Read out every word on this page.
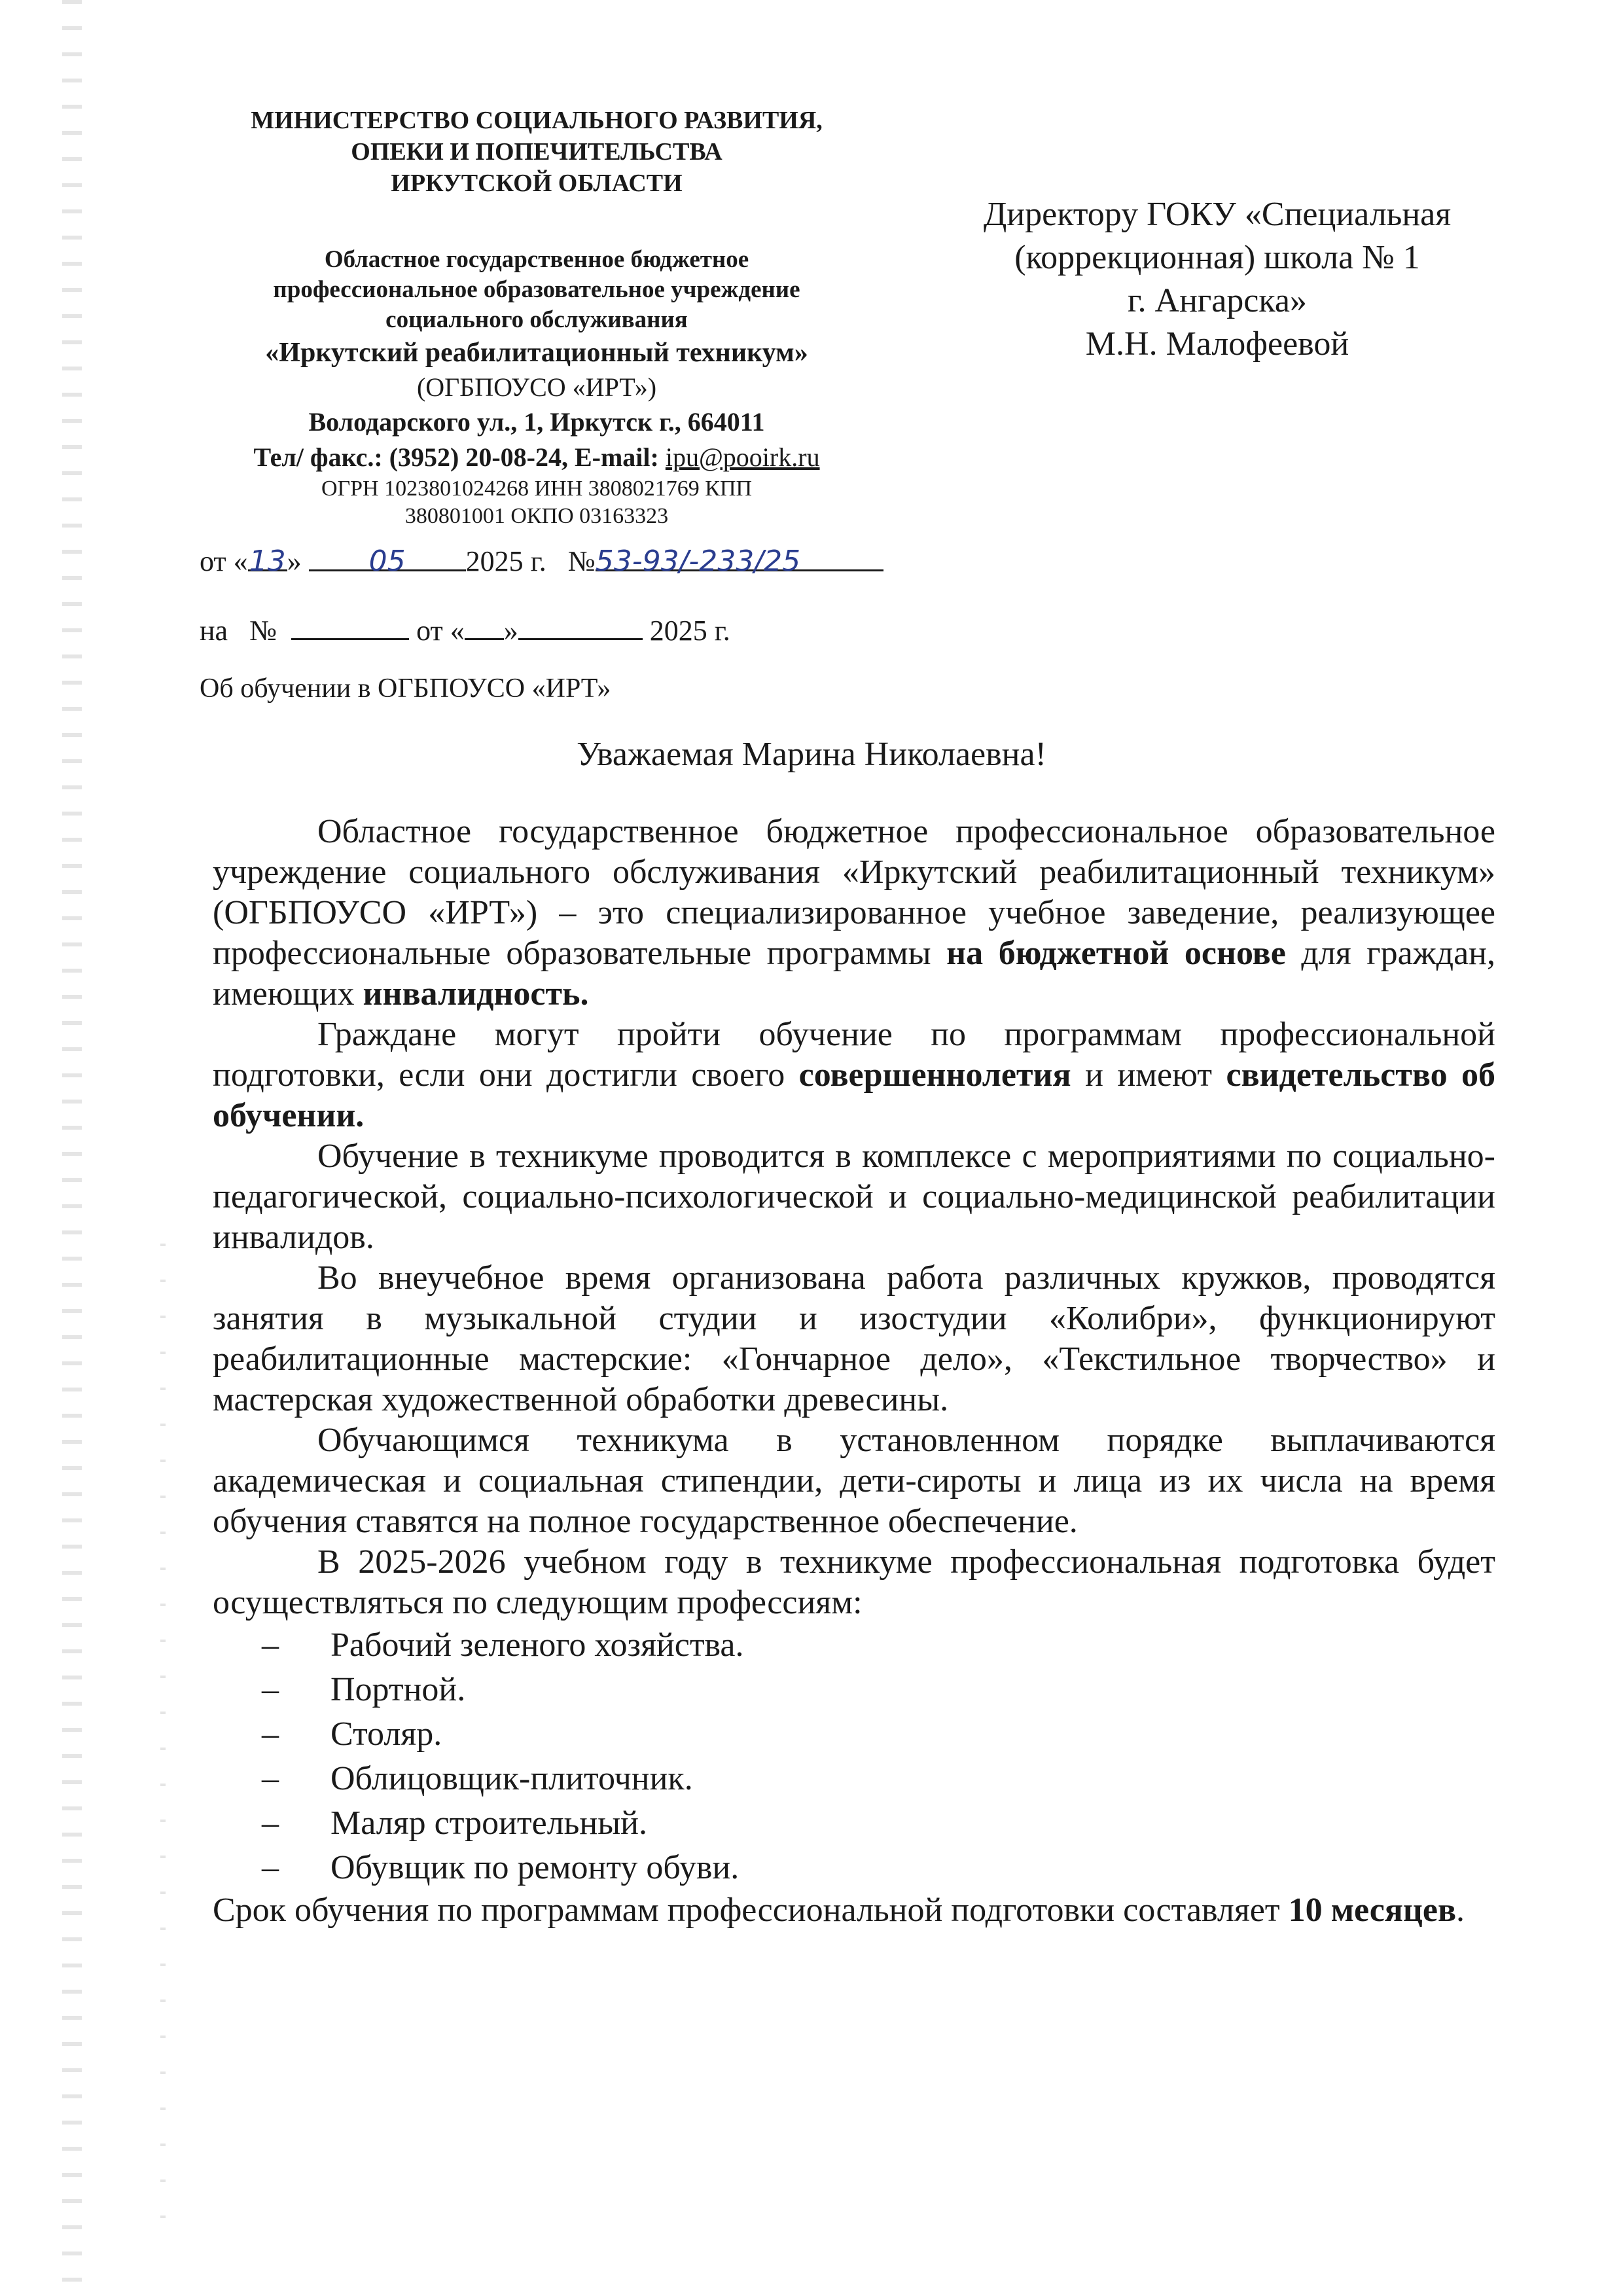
МИНИСТЕРСТВО СОЦИАЛЬНОГО РАЗВИТИЯ,
ОПЕКИ И ПОПЕЧИТЕЛЬСТВА
ИРКУТСКОЙ ОБЛАСТИ
Областное государственное бюджетное
профессиональное образовательное учреждение
социального обслуживания
«Иркутский реабилитационный техникум»
(ОГБПОУСО «ИРТ»)
Володарского ул., 1, Иркутск г., 664011
Тел/ факс.: (3952) 20-08-24, E-mail: ipu@pooirk.ru
ОГРН 1023801024268 ИНН 3808021769 КПП
380801001 ОКПО 03163323
Директору ГОКУ «Специальная
(коррекционная) школа № 1
г. Ангарска»
М.Н. Малофеевой
от «13» 05 2025 г. №53-93/-233/25
на №	от « »	2025 г.
Об обучении в ОГБПОУСО «ИРТ»
Уважаемая Марина Николаевна!

Областное государственное бюджетное профессиональное образовательное учреждение социального обслуживания «Иркутский реабилитационный техникум» (ОГБПОУСО «ИРТ») – это специализированное учебное заведение, реализующее профессиональные образовательные программы на бюджетной основе для граждан, имеющих инвалидность.

Граждане могут пройти обучение по программам профессиональной подготовки, если они достигли своего совершеннолетия и имеют свидетельство об обучении.

Обучение в техникуме проводится в комплексе с мероприятиями по социально-педагогической, социально-психологической и социально-медицинской реабилитации инвалидов.

Во внеучебное время организована работа различных кружков, проводятся занятия в музыкальной студии и изостудии «Колибри», функционируют реабилитационные мастерские: «Гончарное дело», «Текстильное творчество» и мастерская художественной обработки древесины.

Обучающимся техникума в установленном порядке выплачиваются академическая и социальная стипендии, дети-сироты и лица из их числа на время обучения ставятся на полное государственное обеспечение.

В 2025-2026 учебном году в техникуме профессиональная подготовка будет осуществляться по следующим профессиям:

– Рабочий зеленого хозяйства.
– Портной.
– Столяр.
– Облицовщик-плиточник.
– Маляр строительный.
– Обувщик по ремонту обуви.

Срок обучения по программам профессиональной подготовки составляет 10 месяцев.
